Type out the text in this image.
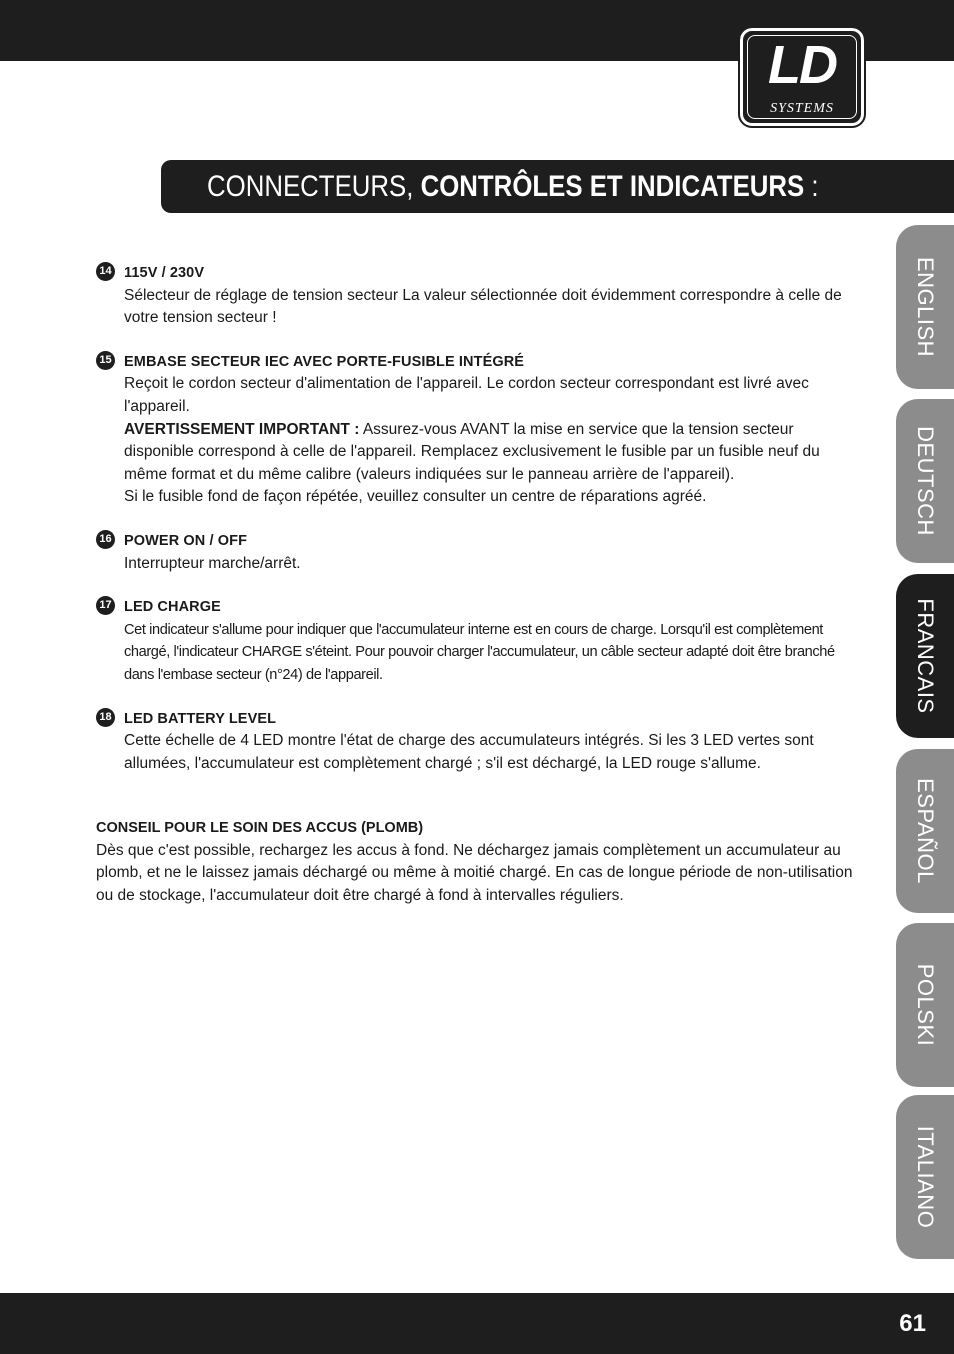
LD
SYSTEMS
CONNECTEURS, CONTRÔLES ET INDICATEURS :
14 115V / 230V
Sélecteur de réglage de tension secteur La valeur sélectionnée doit évidemment correspondre à celle de votre tension secteur !
15 EMBASE SECTEUR IEC AVEC PORTE-FUSIBLE INTÉGRÉ
Reçoit le cordon secteur d'alimentation de l'appareil. Le cordon secteur correspondant est livré avec l'appareil.
AVERTISSEMENT IMPORTANT : Assurez-vous AVANT la mise en service que la tension secteur disponible correspond à celle de l'appareil. Remplacez exclusivement le fusible par un fusible neuf du même format et du même calibre (valeurs indiquées sur le panneau arrière de l'appareil).
Si le fusible fond de façon répétée, veuillez consulter un centre de réparations agréé.
16 POWER ON / OFF
Interrupteur marche/arrêt.
17 LED CHARGE
Cet indicateur s'allume pour indiquer que l'accumulateur interne est en cours de charge. Lorsqu'il est complètement chargé, l'indicateur CHARGE s'éteint. Pour pouvoir charger l'accumulateur, un câble secteur adapté doit être branché dans l'embase secteur (n°24) de l'appareil.
18 LED BATTERY LEVEL
Cette échelle de 4 LED montre l'état de charge des accumulateurs intégrés. Si les 3 LED vertes sont allumées, l'accumulateur est complètement chargé ; s'il est déchargé, la LED rouge s'allume.
CONSEIL POUR LE SOIN DES ACCUS (PLOMB)
Dès que c'est possible, rechargez les accus à fond. Ne déchargez jamais complètement un accumulateur au plomb, et ne le laissez jamais déchargé ou même à moitié chargé. En cas de longue période de non-utilisation ou de stockage, l'accumulateur doit être chargé à fond à intervalles réguliers.
ENGLISH
DEUTSCH
FRANCAIS
ESPAÑOL
POLSKI
ITALIANO
61
